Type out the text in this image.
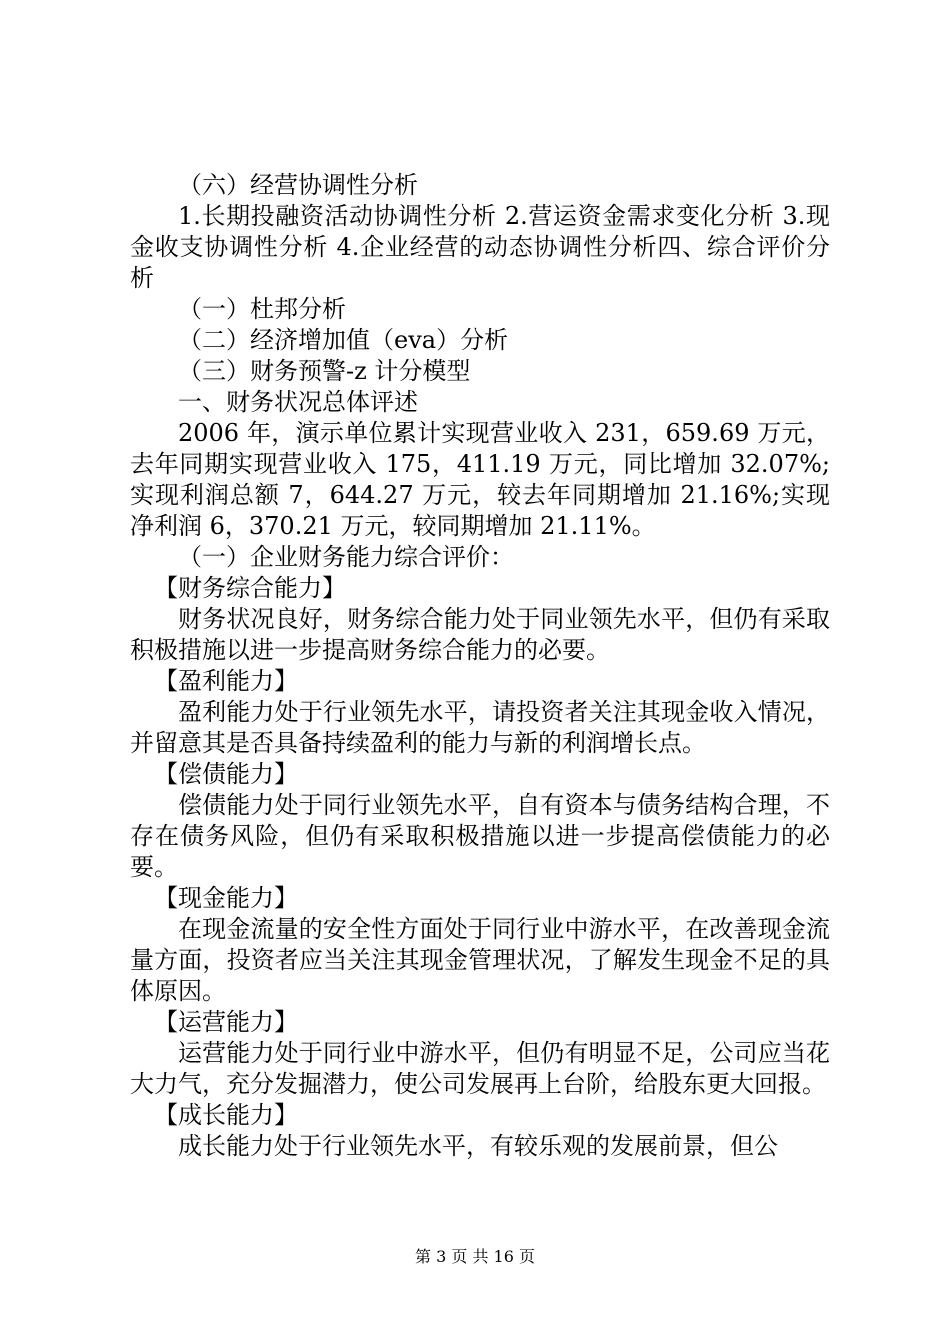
（六）经营协调性分析

1.长期投融资活动协调性分析 2.营运资金需求变化分析 3.现金收支协调性分析 4.企业经营的动态协调性分析四、综合评价分析

（一）杜邦分析

（二）经济增加值（eva）分析

（三）财务预警-z 计分模型

一、财务状况总体评述

2006 年，演示单位累计实现营业收入 231，659.69 万元，去年同期实现营业收入 175，411.19 万元，同比增加 32.07%;实现利润总额 7，644.27 万元，较去年同期增加 21.16%;实现净利润 6，370.21 万元，较同期增加 21.11%。

（一）企业财务能力综合评价：

【财务综合能力】

财务状况良好，财务综合能力处于同业领先水平，但仍有采取积极措施以进一步提高财务综合能力的必要。

【盈利能力】

盈利能力处于行业领先水平，请投资者关注其现金收入情况，并留意其是否具备持续盈利的能力与新的利润增长点。

【偿债能力】

偿债能力处于同行业领先水平，自有资本与债务结构合理，不存在债务风险，但仍有采取积极措施以进一步提高偿债能力的必要。

【现金能力】

在现金流量的安全性方面处于同行业中游水平，在改善现金流量方面，投资者应当关注其现金管理状况，了解发生现金不足的具体原因。

【运营能力】

运营能力处于同行业中游水平，但仍有明显不足，公司应当花大力气，充分发掘潜力，使公司发展再上台阶，给股东更大回报。

【成长能力】

成长能力处于行业领先水平，有较乐观的发展前景，但公

第 3 页 共 16 页
